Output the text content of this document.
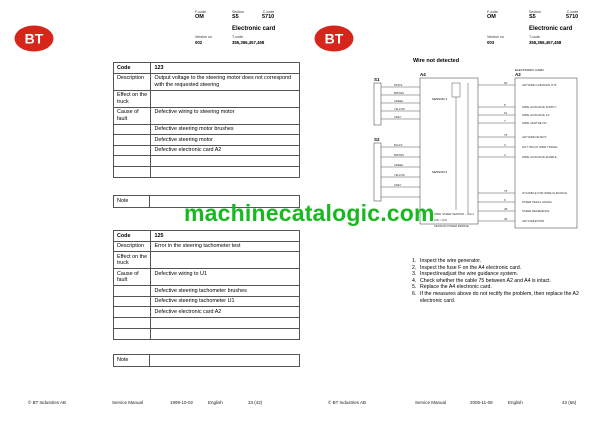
BT
F-code
OM
Section
S5
C-code
5710
Electronic card
Version no
002
T-code
355,356,457,458
Code	123
Description	Output voltage to the steering motor does not correspond with the requested steering
Effect on the truck	
Cause of fault	Defective wiring to steering motor
	Defective steering motor brushes
	Defective steering motor
	Defective electronic card A2

Note	
Code	125
Description	Error in the steering tachometer test
Effect on the truck	
Cause of fault	Defective wiring to U1
	Defective steering tachometer brushes
	Defective steering tachometer U1
	Defective electronic card A2

Note	
© BT Industries AB	Service Manual	1999-10-02	English	33 (42)
BT
F-code
OM
Section
S5
C-code
5710
Electronic card
Version no
003
T-code
355,356,457,458
© BT Industries AB	Service Manual	2005-11-08	English	43 (66)
Wire not detected
S1
S2
A4
SENSOR 1
SENSOR 2
A2
ELECTRONIC CARD
WHITE
BROWN
GREEN
YELLOW
GREY
BLACK
BROWN
GREEN
YELLOW
GREY
60
5
61
7
75
3
4
75
6
45
46
AIR WIRE GUIDANCE OTF
WIRE GUIDANCE SUPPLY
WIRE GUIDANCE 1/2
WIRE CENTRE ON
AIR WIRE DETECT
NOT TRUCK WIRE TRAVEL
WIRE GUIDANCE ENABLE
W SAMPLE FOR WIRE GUIDANCE
STEER PEDAL SIGNAL
STEER REFERENCE
AIR STEER PWR
WIRE STEER SENSOR ... C3-1
(X3) / (X4)
SENSOR POWER BRIDGE
1. Inspect the wire generator.
2. Inspect the fuse F on the A4 electronic card.
3. Inspect/readjust the wire guidance system.
4. Check whether the cable 75 between A2 and A4 is intact.
5. Replace the A4 electronic card.
6. If the measures above do not rectify the problem, then replace the A2 electronic card.
machinecatalogic.com
